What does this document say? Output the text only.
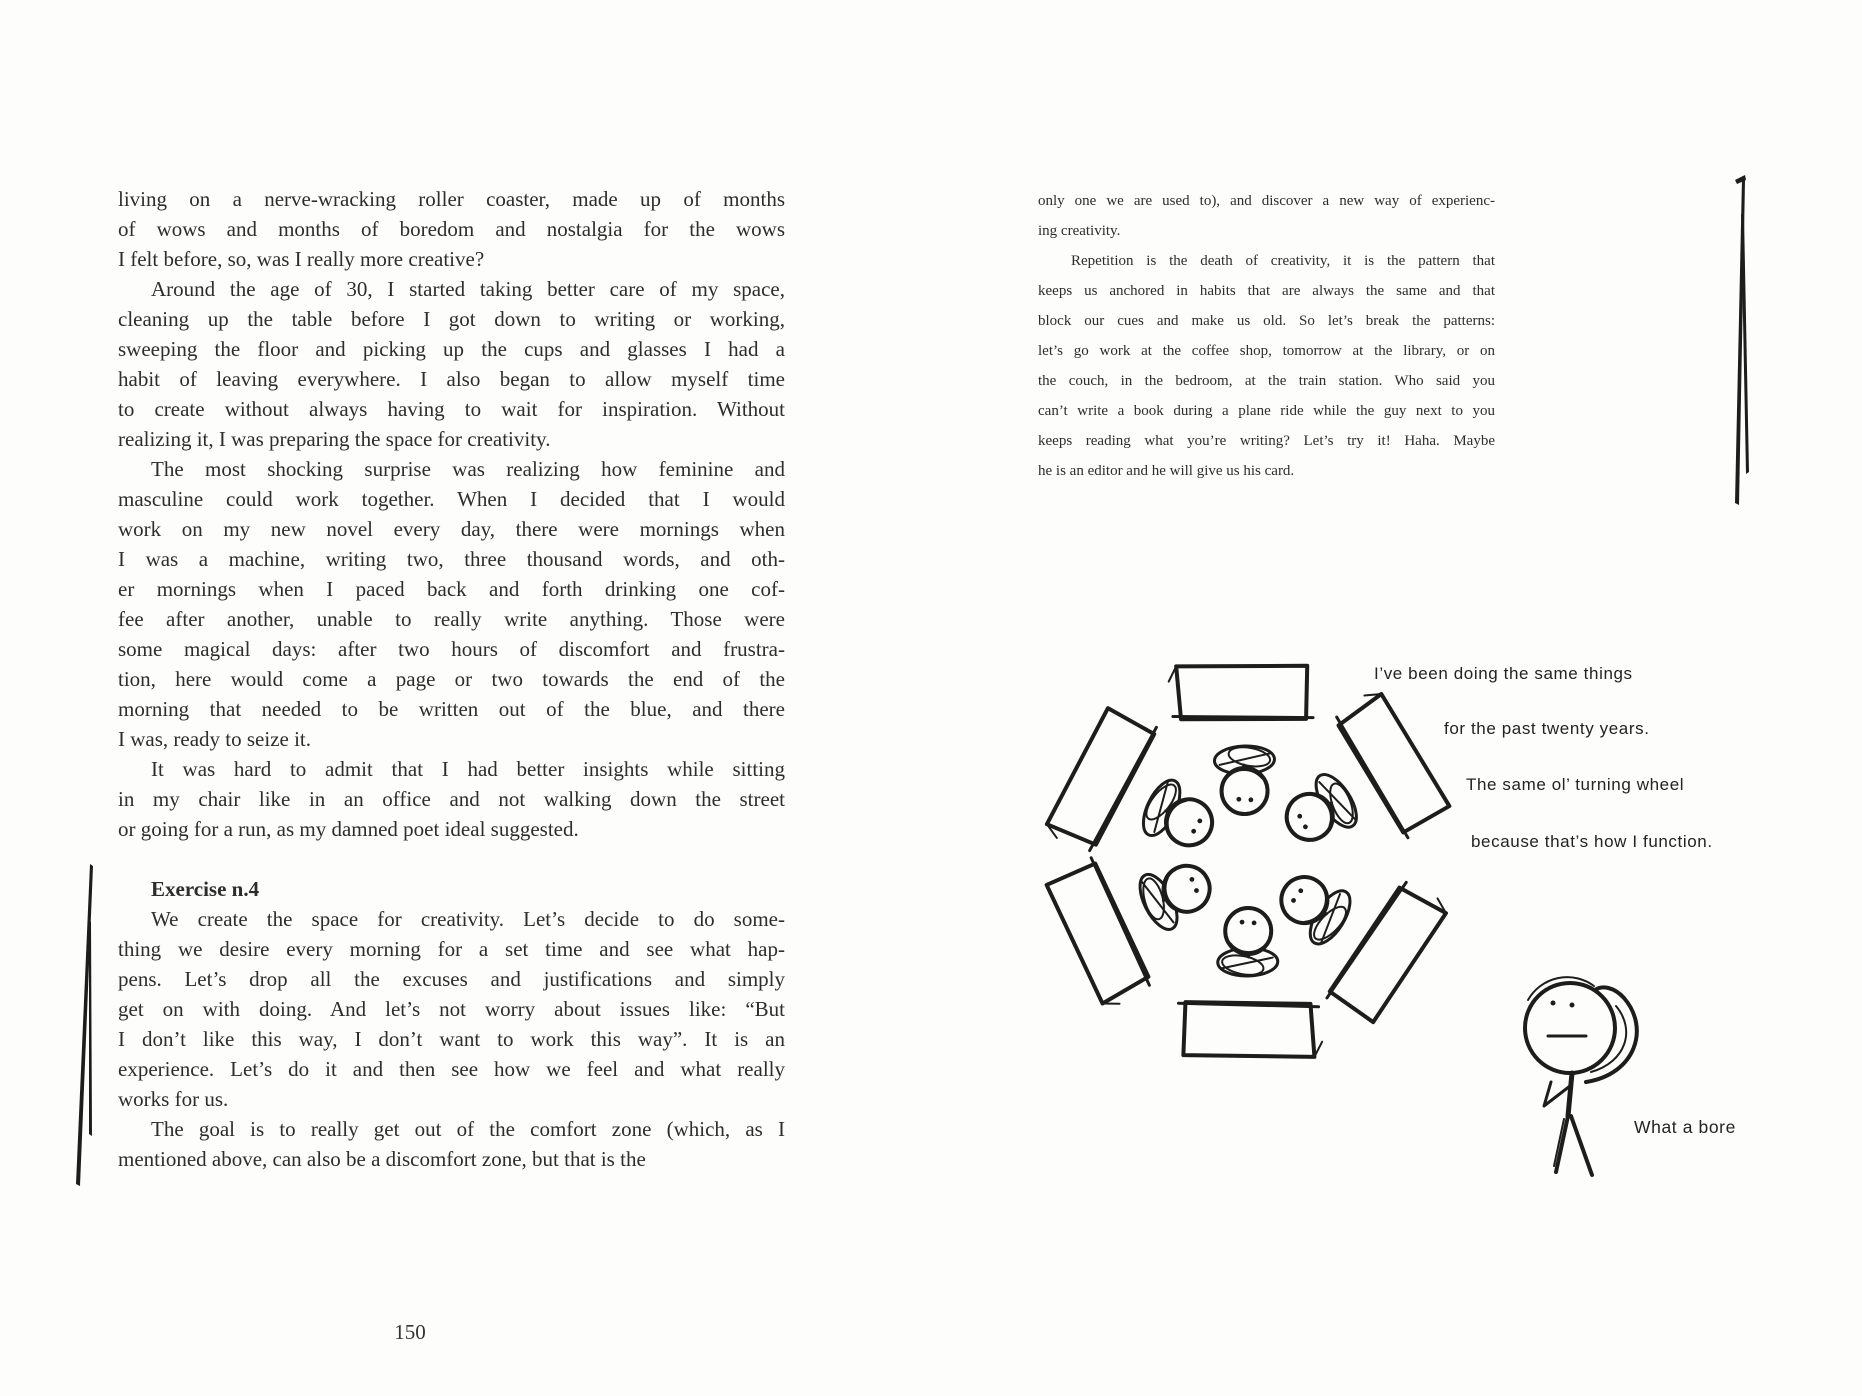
living on a nerve-wracking roller coaster, made up of months
of wows and months of boredom and nostalgia for the wows
I felt before, so, was I really more creative?
Around the age of 30, I started taking better care of my space,
cleaning up the table before I got down to writing or working,
sweeping the floor and picking up the cups and glasses I had a
habit of leaving everywhere. I also began to allow myself time
to create without always having to wait for inspiration. Without
realizing it, I was preparing the space for creativity.
The most shocking surprise was realizing how feminine and
masculine could work together. When I decided that I would
work on my new novel every day, there were mornings when
I was a machine, writing two, three thousand words, and oth-
er mornings when I paced back and forth drinking one cof-
fee after another, unable to really write anything. Those were
some magical days: after two hours of discomfort and frustra-
tion, here would come a page or two towards the end of the
morning that needed to be written out of the blue, and there
I was, ready to seize it.
It was hard to admit that I had better insights while sitting
in my chair like in an office and not walking down the street
or going for a run, as my damned poet ideal suggested.
Exercise n.4
We create the space for creativity. Let’s decide to do some-
thing we desire every morning for a set time and see what hap-
pens. Let’s drop all the excuses and justifications and simply
get on with doing. And let’s not worry about issues like: “But
I don’t like this way, I don’t want to work this way”. It is an
experience. Let’s do it and then see how we feel and what really
works for us.
The goal is to really get out of the comfort zone (which, as I
mentioned above, can also be a discomfort zone, but that is the
only one we are used to), and discover a new way of experienc-
ing creativity.
Repetition is the death of creativity, it is the pattern that
keeps us anchored in habits that are always the same and that
block our cues and make us old. So let’s break the patterns:
let’s go work at the coffee shop, tomorrow at the library, or on
the couch, in the bedroom, at the train station. Who said you
can’t write a book during a plane ride while the guy next to you
keeps reading what you’re writing? Let’s try it! Haha. Maybe
he is an editor and he will give us his card.
150
I’ve been doing the same things
for the past twenty years.
The same ol’ turning wheel
because that’s how I function.
What a bore
